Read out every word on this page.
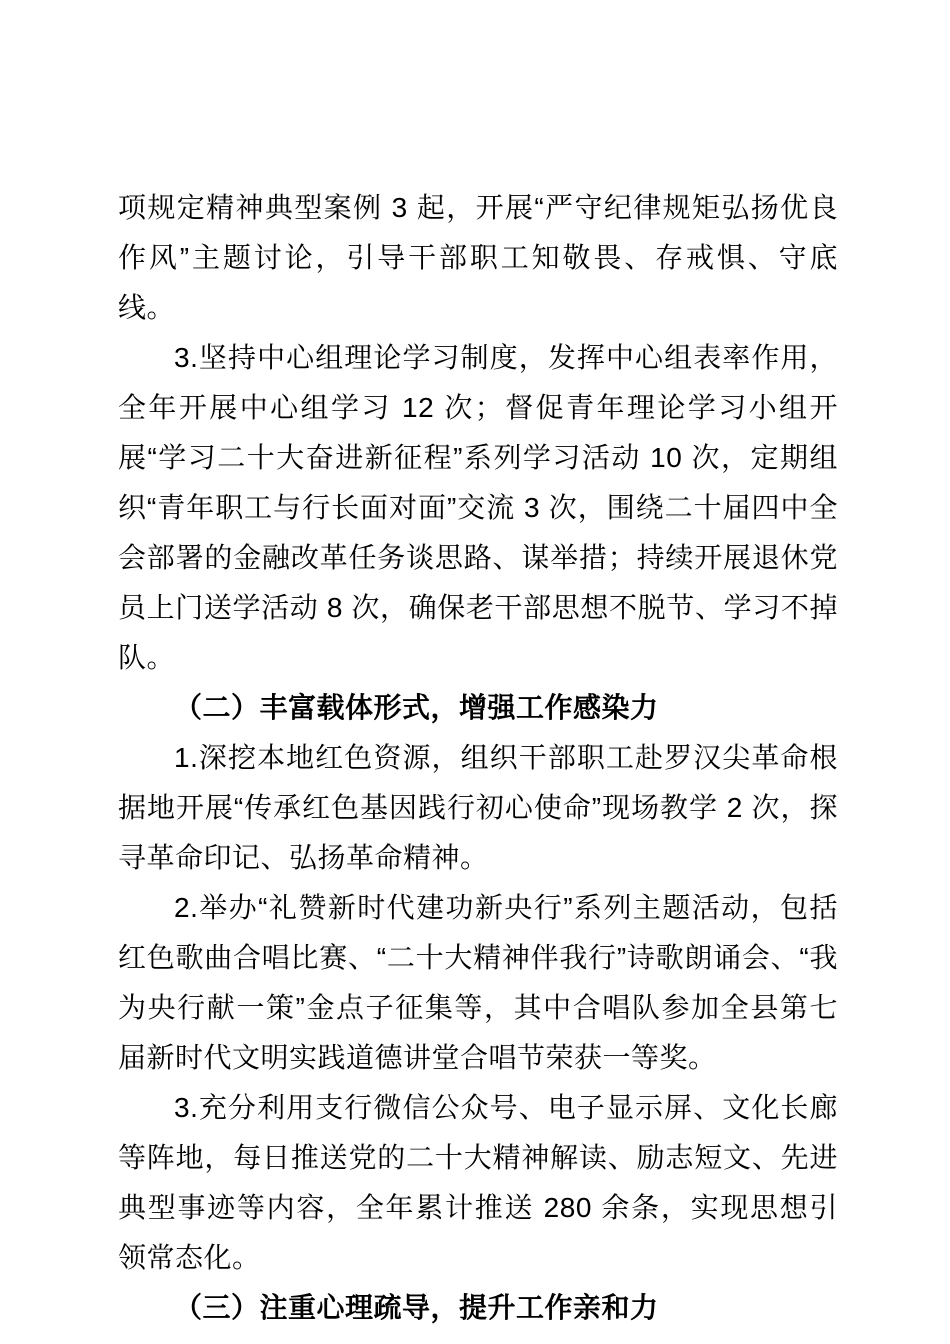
项规定精神典型案例 3 起，开展“严守纪律规矩弘扬优良作风”主题讨论，引导干部职工知敬畏、存戒惧、守底线。

3.坚持中心组理论学习制度，发挥中心组表率作用，全年开展中心组学习 12 次；督促青年理论学习小组开展“学习二十大奋进新征程”系列学习活动 10 次，定期组织“青年职工与行长面对面”交流 3 次，围绕二十届四中全会部署的金融改革任务谈思路、谋举措；持续开展退休党员上门送学活动 8 次，确保老干部思想不脱节、学习不掉队。

（二）丰富载体形式，增强工作感染力

1.深挖本地红色资源，组织干部职工赴罗汉尖革命根据地开展“传承红色基因践行初心使命”现场教学 2 次，探寻革命印记、弘扬革命精神。

2.举办“礼赞新时代建功新央行”系列主题活动，包括红色歌曲合唱比赛、“二十大精神伴我行”诗歌朗诵会、“我为央行献一策”金点子征集等，其中合唱队参加全县第七届新时代文明实践道德讲堂合唱节荣获一等奖。

3.充分利用支行微信公众号、电子显示屏、文化长廊等阵地，每日推送党的二十大精神解读、励志短文、先进典型事迹等内容，全年累计推送 280 余条，实现思想引领常态化。

（三）注重心理疏导，提升工作亲和力
